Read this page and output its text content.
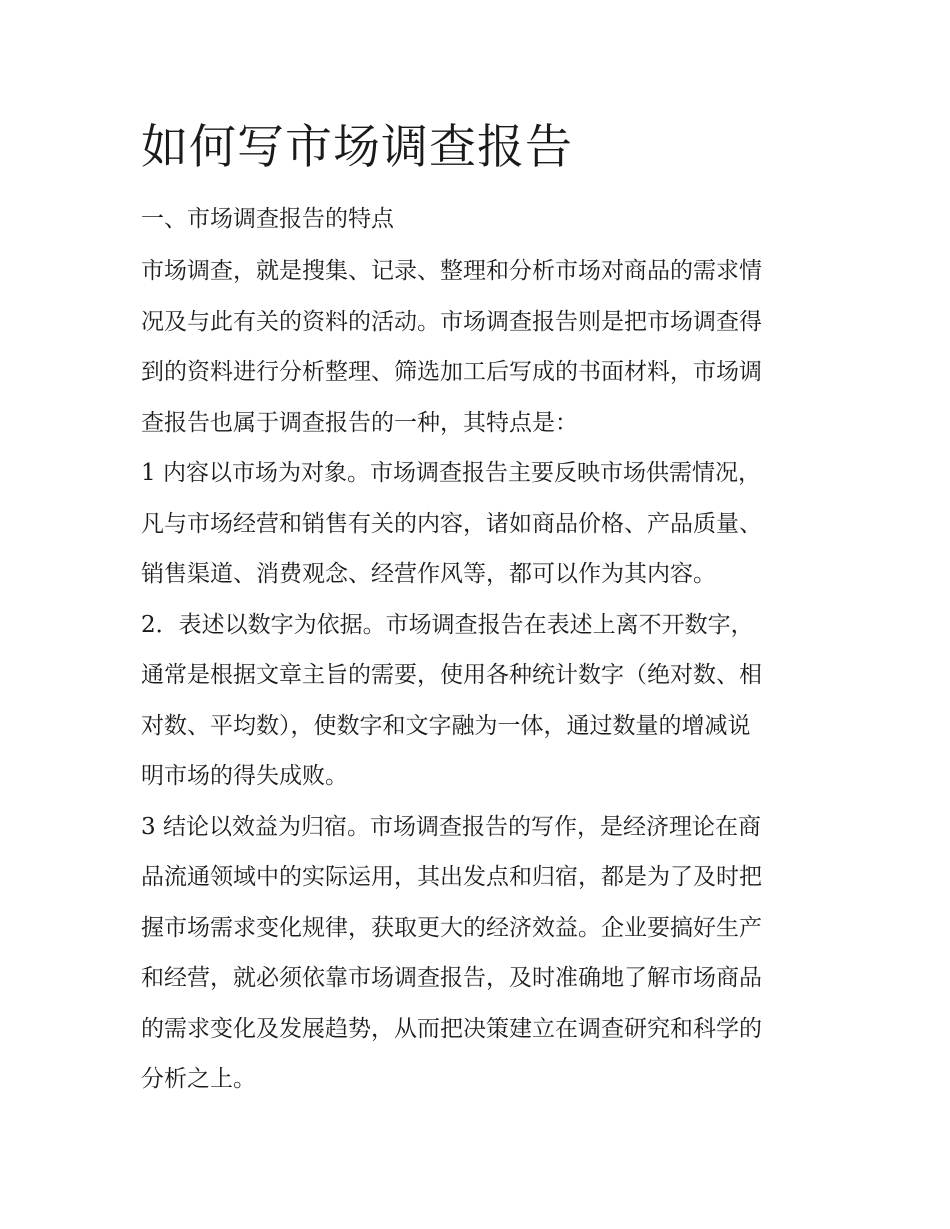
如何写市场调查报告
一、市场调查报告的特点

市场调查，就是搜集、记录、整理和分析市场对商品的需求情
况及与此有关的资料的活动。市场调查报告则是把市场调查得
到的资料进行分析整理、筛选加工后写成的书面材料，市场调
查报告也属于调查报告的一种，其特点是：

1 内容以市场为对象。市场调查报告主要反映市场供需情况，
凡与市场经营和销售有关的内容，诸如商品价格、产品质量、
销售渠道、消费观念、经营作风等，都可以作为其内容。

2．表述以数字为依据。市场调查报告在表述上离不开数字，
通常是根据文章主旨的需要，使用各种统计数字（绝对数、相
对数、平均数），使数字和文字融为一体，通过数量的增减说
明市场的得失成败。

3 结论以效益为归宿。市场调查报告的写作，是经济理论在商
品流通领域中的实际运用，其出发点和归宿，都是为了及时把
握市场需求变化规律，获取更大的经济效益。企业要搞好生产
和经营，就必须依靠市场调查报告，及时准确地了解市场商品
的需求变化及发展趋势，从而把决策建立在调查研究和科学的
分析之上。
